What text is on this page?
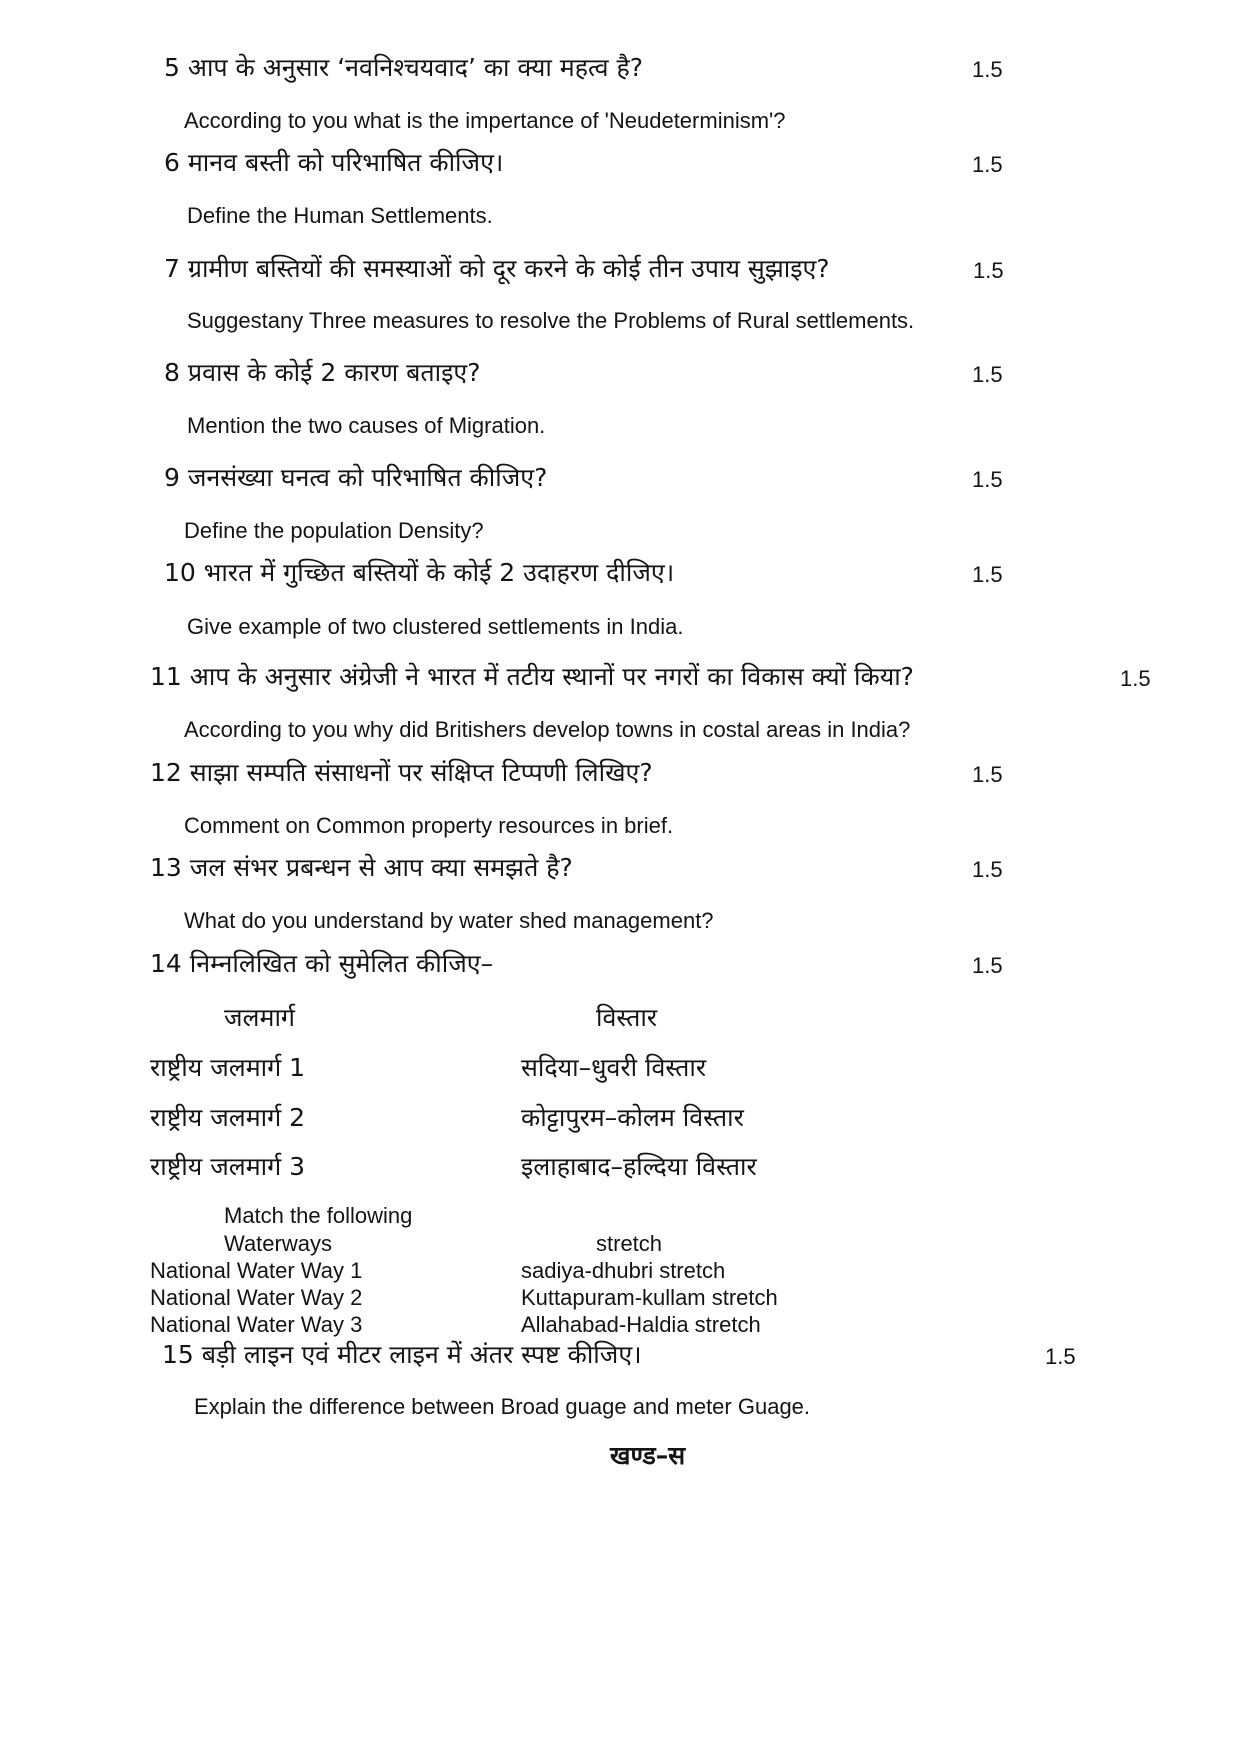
5 आप के अनुसार ‘नवनिश्चयवाद’ का क्या महत्व है?	1.5
According to you what is the impertance of 'Neudeterminism'?
6 मानव बस्ती को परिभाषित कीजिए।	1.5
Define the Human Settlements.
7 ग्रामीण बस्तियों की समस्याओं को दूर करने के कोई तीन उपाय सुझाइए?	1.5
Suggestany Three measures to resolve the Problems of Rural settlements.
8 प्रवास के कोई 2 कारण बताइए?	1.5
Mention the two causes of Migration.
9 जनसंख्या घनत्व को परिभाषित कीजिए?	1.5
Define the population Density?
10 भारत में गुच्छित बस्तियों के कोई 2 उदाहरण दीजिए।	1.5
Give example of two clustered settlements in India.
11 आप के अनुसार अंग्रेजी ने भारत में तटीय स्थानों पर नगरों का विकास क्यों किया?	1.5
According to you why did Britishers develop towns in costal areas in India?
12 साझा सम्पति संसाधनों पर संक्षिप्त टिप्पणी लिखिए?	1.5
Comment on Common property resources in brief.
13 जल संभर प्रबन्धन से आप क्या समझते है?	1.5
What do you understand by water shed management?
14 निम्नलिखित को सुमेलित कीजिए–	1.5
जलमार्ग	विस्तार
राष्ट्रीय जलमार्ग 1	सदिया–धुवरी विस्तार
राष्ट्रीय जलमार्ग 2	कोट्टापुरम–कोलम विस्तार
राष्ट्रीय जलमार्ग 3	इलाहाबाद–हल्दिया विस्तार
Match the following
Waterways	stretch
National Water Way 1	sadiya-dhubri stretch
National Water Way 2	Kuttapuram-kullam stretch
National Water Way 3	Allahabad-Haldia stretch
15 बड़ी लाइन एवं मीटर लाइन में अंतर स्पष्ट कीजिए।	1.5
Explain the difference between Broad guage and meter Guage.
खण्ड–स
